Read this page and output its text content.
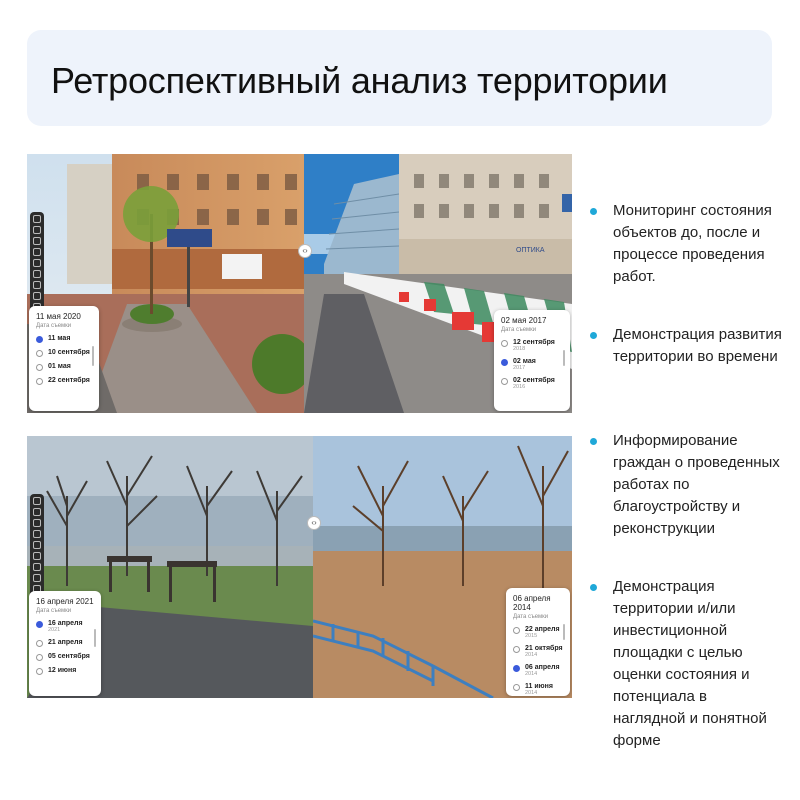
Ретроспективный анализ территории
11 мая 2020
Дата съемки
11 мая
10 сентября
01 мая
22 сентября
ОПТИКА
02 мая 2017
Дата съемки
12 сентября
2018
02 мая
2017
02 сентября
2016
‹›
16 апреля 2021
Дата съемки
16 апреля
2021
21 апреля
05 сентября
12 июня
06 апреля 2014
Дата съемки
22 апреля
2015
21 октября
2014
06 апреля
2014
11 июня
2014
‹›
Мониторинг состояния объектов до, после и процессе проведения работ.
Демонстрация развития территории во времени
Информирование граждан о проведенных работах по благоустройству и реконструкции
Демонстрация территории и/или инвестиционной площадки с целью оценки состояния и потенциала в наглядной и понятной форме
